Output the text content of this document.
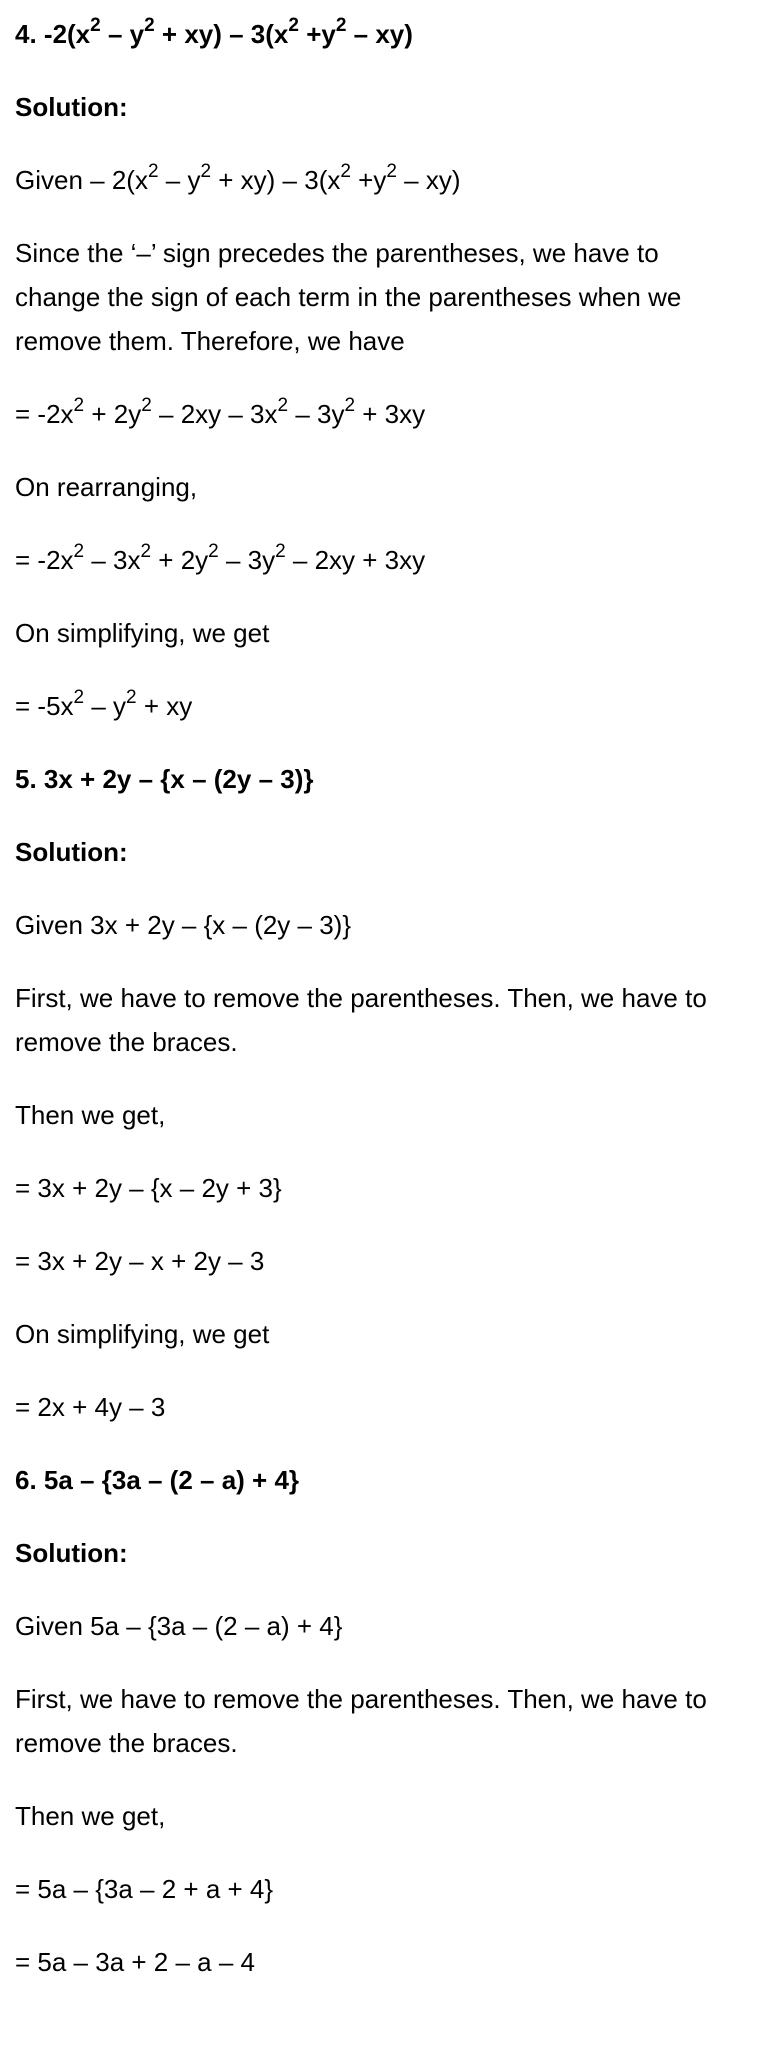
4. $-2(x^2 - y^2 + xy) - 3(x^2 +y^2 - xy)$

Solution:

Given – $2(x^2 - y^2 + xy) - 3(x^2 +y^2 - xy)$

Since the ‘–’ sign precedes the parentheses, we have to change the sign of each term in the parentheses when we remove them. Therefore, we have

= $-2x^2 + 2y^2 - 2xy - 3x^2 - 3y^2 + 3xy$

On rearranging,

= $-2x^2 - 3x^2 + 2y^2 - 3y^2 - 2xy + 3xy$

On simplifying, we get

= $-5x^2 - y^2$ + xy

5. 3x + 2y – {x – (2y – 3)}

Solution:

Given 3x + 2y – {x – (2y – 3)}

First, we have to remove the parentheses. Then, we have to remove the braces.

Then we get,

= 3x + 2y – {x – 2y + 3}

= 3x + 2y – x + 2y – 3

On simplifying, we get

= 2x + 4y – 3

6. 5a – {3a – (2 – a) + 4}

Solution:

Given 5a – {3a – (2 – a) + 4}

First, we have to remove the parentheses. Then, we have to remove the braces.

Then we get,

= 5a – {3a – 2 + a + 4}

= 5a – 3a + 2 – a – 4
